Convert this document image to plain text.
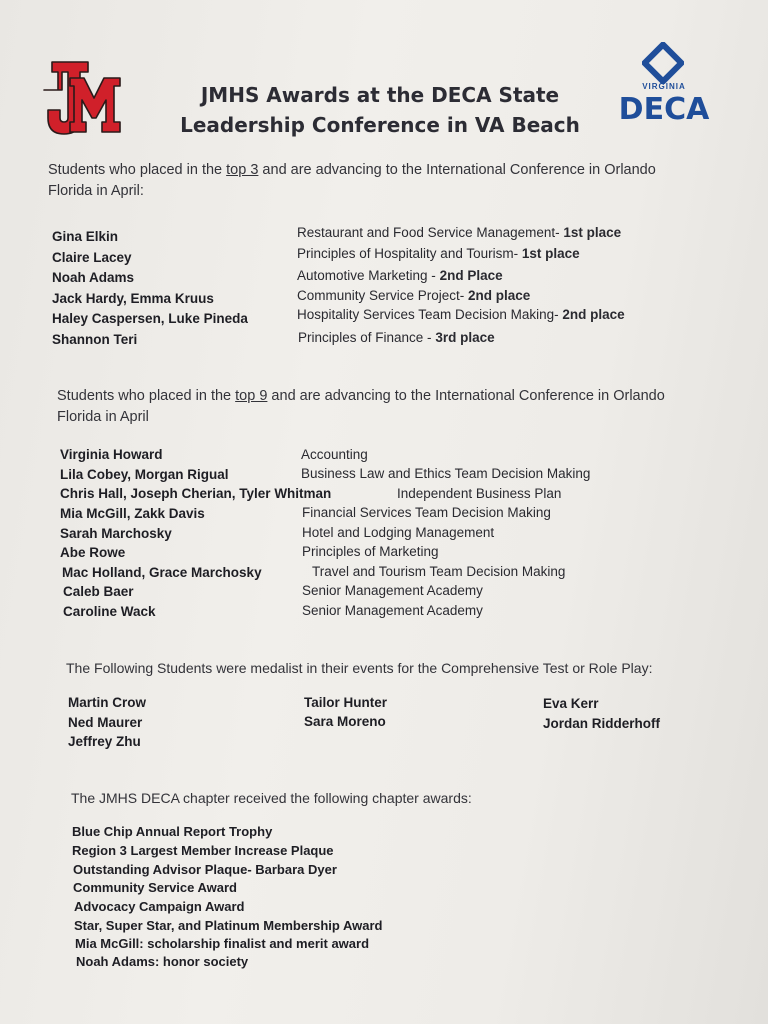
VIRGINIA
DECA
JMHS Awards at the DECA State
Leadership Conference in VA Beach
Students who placed in the top 3 and are advancing to the International Conference in Orlando
Florida in April:
Gina Elkin	Restaurant and Food Service Management- 1st place
Claire Lacey	Principles of Hospitality and Tourism- 1st place
Noah Adams	Automotive Marketing - 2nd Place
Jack Hardy, Emma Kruus	Community Service Project- 2nd place
Haley Caspersen, Luke Pineda	Hospitality Services Team Decision Making- 2nd place
Shannon Teri	Principles of Finance - 3rd place
Students who placed in the top 9 and are advancing to the International Conference in Orlando
Florida in April
Virginia Howard	Accounting
Lila Cobey, Morgan Rigual	Business Law and Ethics Team Decision Making
Chris Hall, Joseph Cherian, Tyler Whitman	Independent Business Plan
Mia McGill, Zakk Davis	Financial Services Team Decision Making
Sarah Marchosky	Hotel and Lodging Management
Abe Rowe	Principles of Marketing
Mac Holland, Grace Marchosky	Travel and Tourism Team Decision Making
Caleb Baer	Senior Management Academy
Caroline Wack	Senior Management Academy
The Following Students were medalist in their events for the Comprehensive Test or Role Play:
Martin Crow
Ned Maurer
Jeffrey Zhu
Tailor Hunter
Sara Moreno
Eva Kerr
Jordan Ridderhoff
The JMHS DECA chapter received the following chapter awards:
Blue Chip Annual Report Trophy
Region 3 Largest Member Increase Plaque
Outstanding Advisor Plaque- Barbara Dyer
Community Service Award
Advocacy Campaign Award
Star, Super Star, and Platinum Membership Award
Mia McGill: scholarship finalist and merit award
Noah Adams: honor society
